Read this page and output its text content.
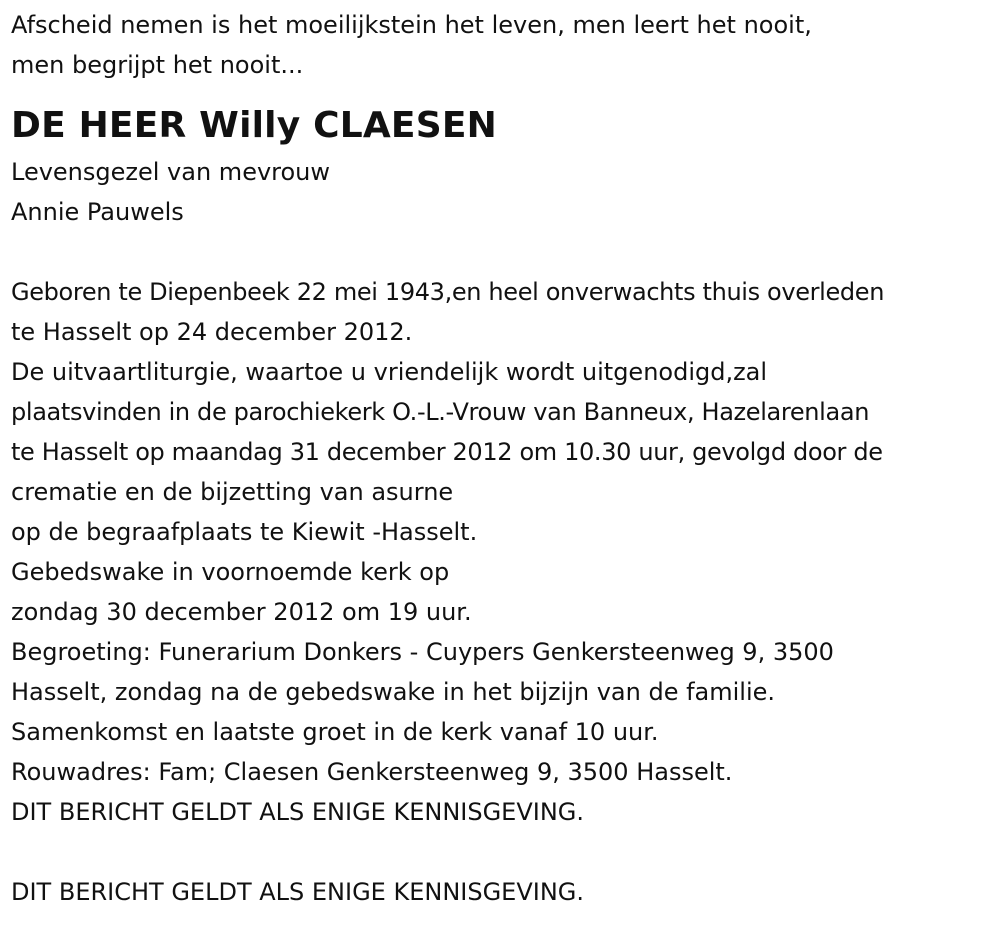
Afscheid nemen is het moeilijkstein het leven, men leert het nooit,
men begrijpt het nooit...
DE HEER Willy CLAESEN
Levensgezel van mevrouw
Annie Pauwels
Geboren te Diepenbeek 22 mei 1943,en heel onverwachts thuis overleden
te Hasselt op 24 december 2012.
De uitvaartliturgie, waartoe u vriendelijk wordt uitgenodigd,zal
plaatsvinden in de parochiekerk O.-L.-Vrouw van Banneux, Hazelarenlaan
te Hasselt op maandag 31 december 2012 om 10.30 uur, gevolgd door de
crematie en de bijzetting van asurne
op de begraafplaats te Kiewit -Hasselt.
Gebedswake in voornoemde kerk op
zondag 30 december 2012 om 19 uur.
Begroeting: Funerarium Donkers - Cuypers Genkersteenweg 9, 3500
Hasselt, zondag na de gebedswake in het bijzijn van de familie.
Samenkomst en laatste groet in de kerk vanaf 10 uur.
Rouwadres: Fam; Claesen Genkersteenweg 9, 3500 Hasselt.
DIT BERICHT GELDT ALS ENIGE KENNISGEVING.
DIT BERICHT GELDT ALS ENIGE KENNISGEVING.
